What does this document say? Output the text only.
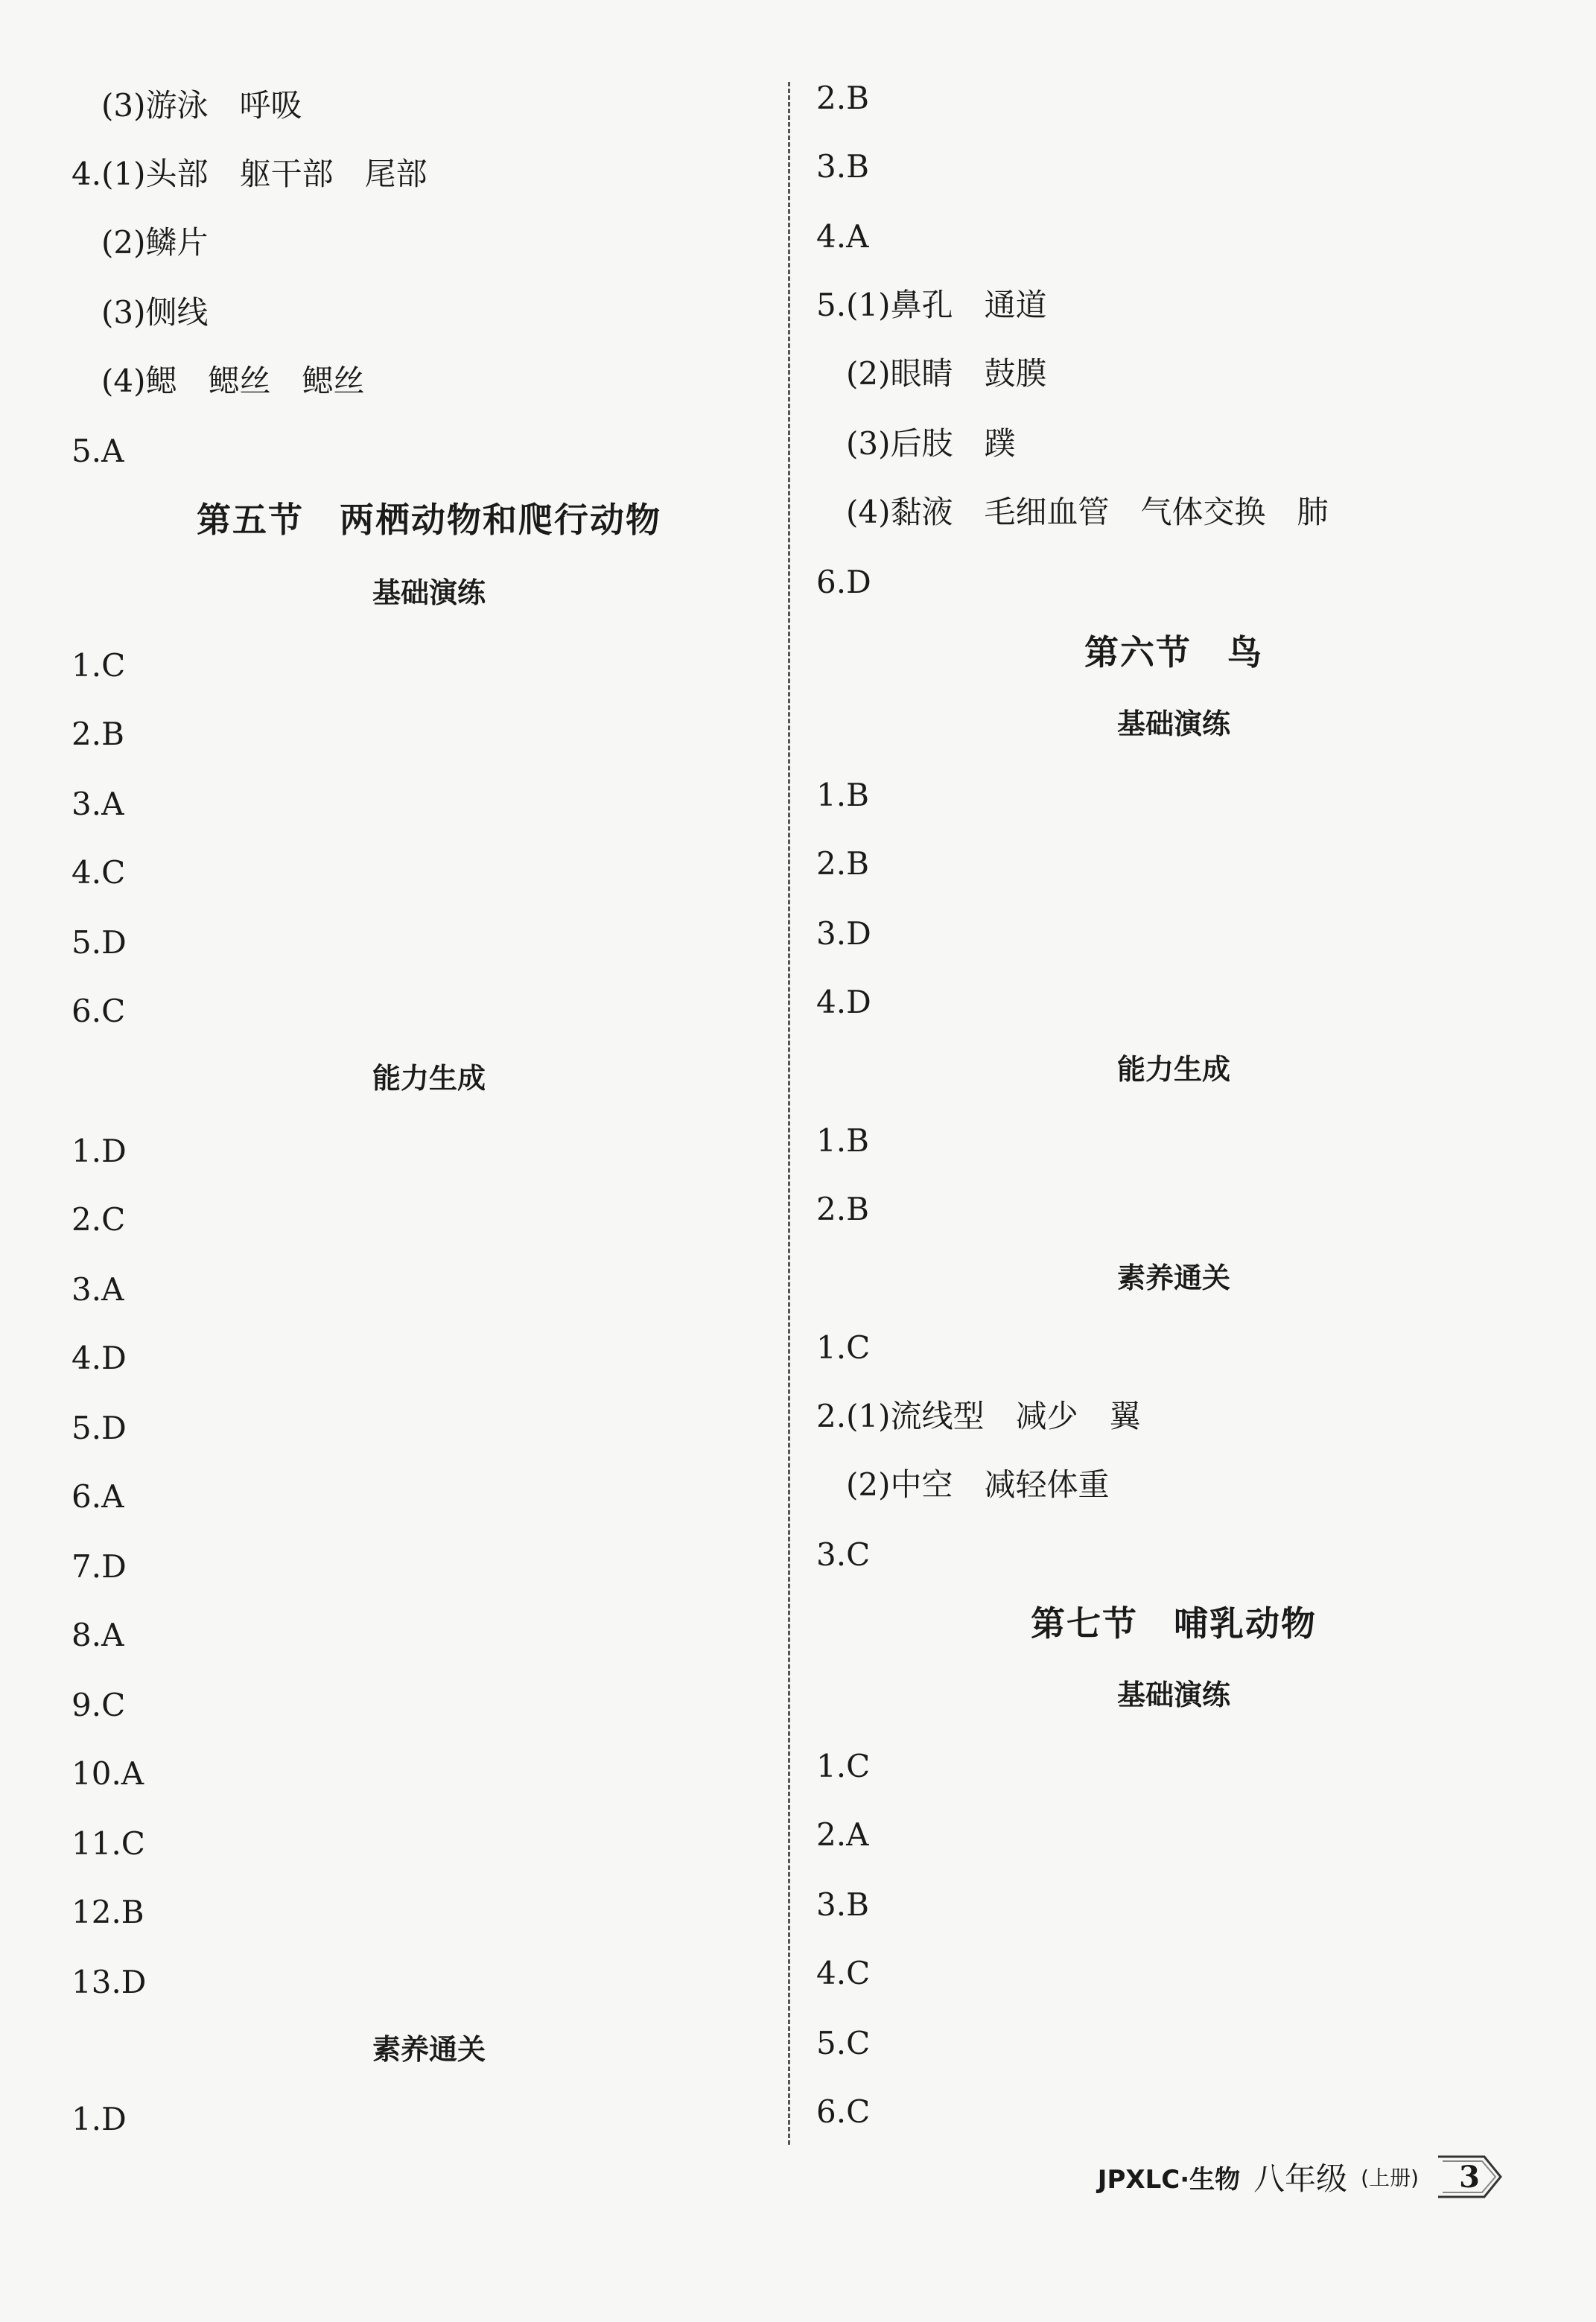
(3)游泳　呼吸
4.(1)头部　躯干部　尾部
(2)鳞片
(3)侧线
(4)鳃　鳃丝　鳃丝
5.A
第五节　两栖动物和爬行动物
基础演练
1.C
2.B
3.A
4.C
5.D
6.C
能力生成
1.D
2.C
3.A
4.D
5.D
6.A
7.D
8.A
9.C
10.A
11.C
12.B
13.D
素养通关
1.D
2.B
3.B
4.A
5.(1)鼻孔　通道
(2)眼睛　鼓膜
(3)后肢　蹼
(4)黏液　毛细血管　气体交换　肺
6.D
第六节　鸟
基础演练
1.B
2.B
3.D
4.D
能力生成
1.B
2.B
素养通关
1.C
2.(1)流线型　减少　翼
(2)中空　减轻体重
3.C
第七节　哺乳动物
基础演练
1.C
2.A
3.B
4.C
5.C
6.C
JPXLC·生物 八年级 (上册) 3
